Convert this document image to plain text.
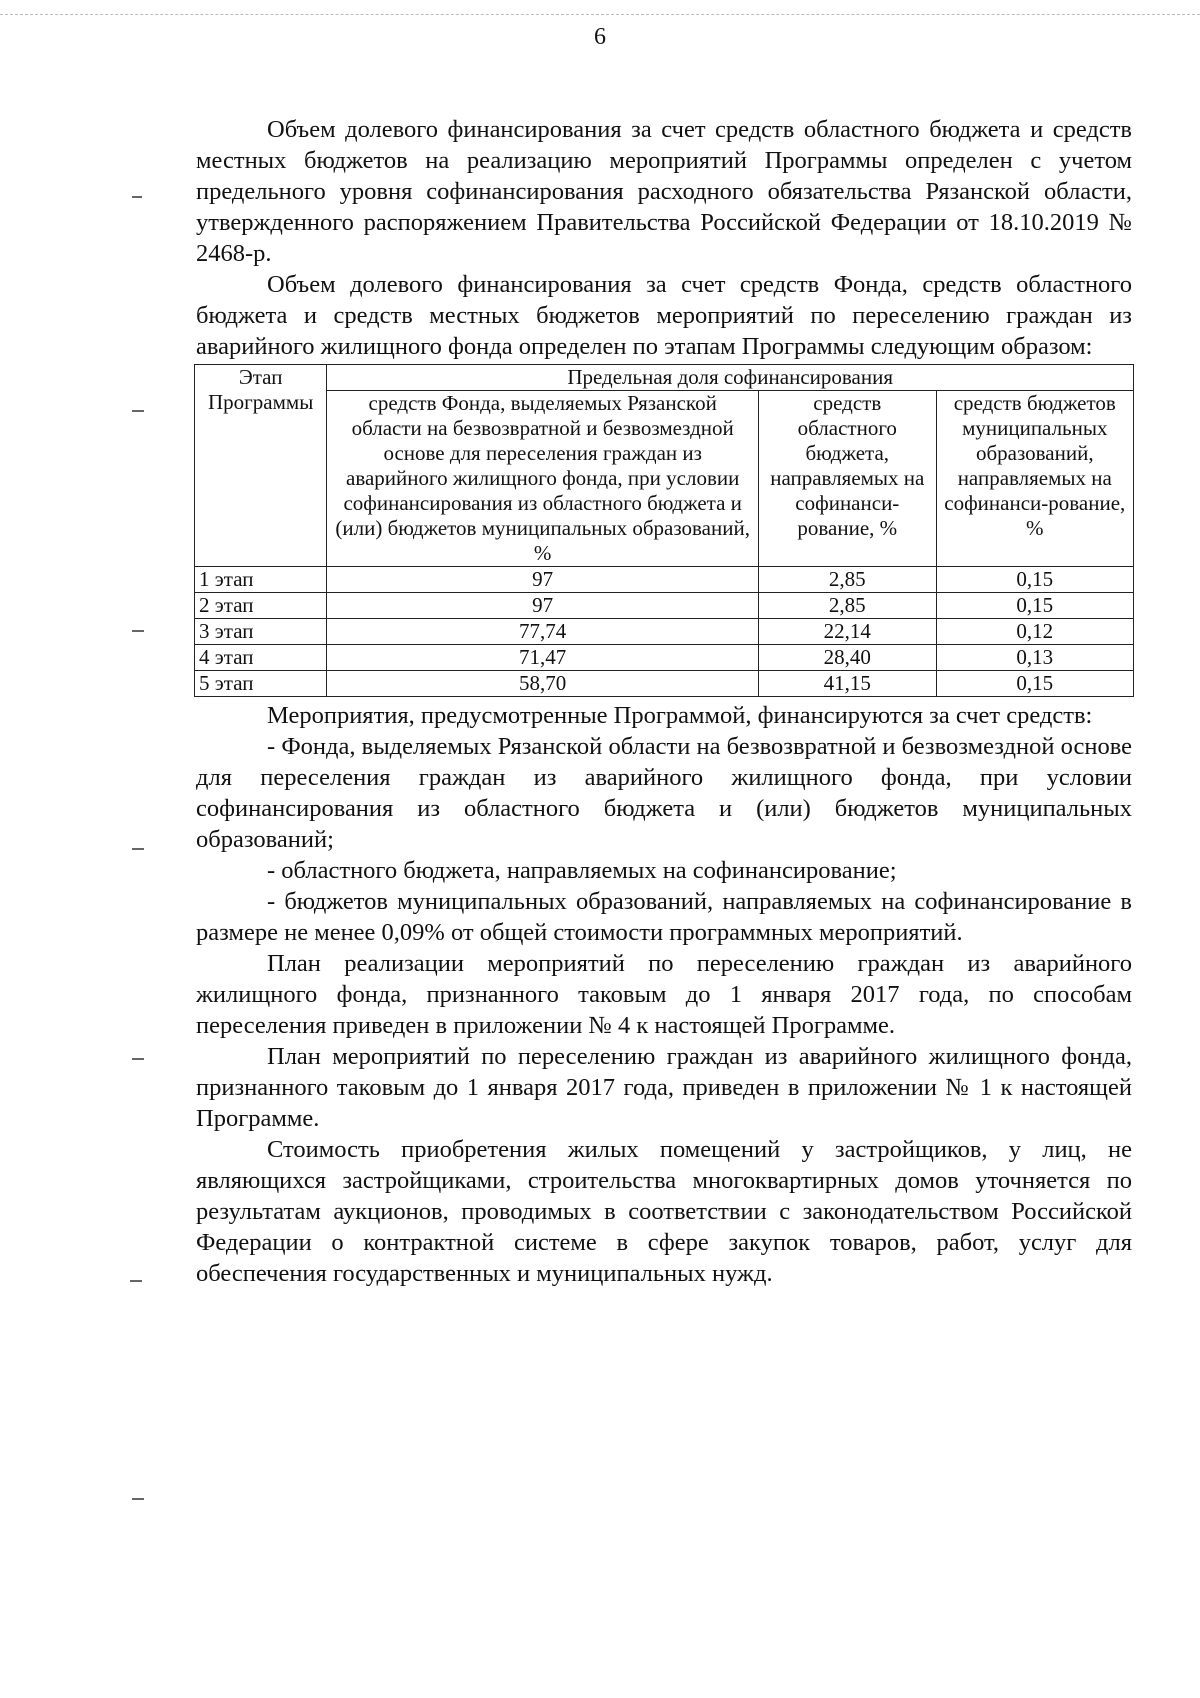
6

Объем долевого финансирования за счет средств областного бюджета и средств местных бюджетов на реализацию мероприятий Программы определен с учетом предельного уровня софинансирования расходного обязательства Рязанской области, утвержденного распоряжением Правительства Российской Федерации от 18.10.2019 № 2468-р.

Объем долевого финансирования за счет средств Фонда, средств областного бюджета и средств местных бюджетов мероприятий по переселению граждан из аварийного жилищного фонда определен по этапам Программы следующим образом:

Этап Программы	Предельная доля софинансирования		
	средств Фонда, выделяемых Рязанской области на безвозвратной и безвозмездной основе для переселения граждан из аварийного жилищного фонда, при условии софинансирования из областного бюджета и (или) бюджетов муниципальных образований, %	средств областного бюджета, направляемых на софинанси-рование, %	средств бюджетов муниципальных образований, направляемых на софинанси-рование, %
1 этап	97	2,85	0,15
2 этап	97	2,85	0,15
3 этап	77,74	22,14	0,12
4 этап	71,47	28,40	0,13
5 этап	58,70	41,15	0,15

Мероприятия, предусмотренные Программой, финансируются за счет средств:

- Фонда, выделяемых Рязанской области на безвозвратной и безвозмездной основе для переселения граждан из аварийного жилищного фонда, при условии софинансирования из областного бюджета и (или) бюджетов муниципальных образований;

- областного бюджета, направляемых на софинансирование;

- бюджетов муниципальных образований, направляемых на софинансирование в размере не менее 0,09% от общей стоимости программных мероприятий.

План реализации мероприятий по переселению граждан из аварийного жилищного фонда, признанного таковым до 1 января 2017 года, по способам переселения приведен в приложении № 4 к настоящей Программе.

План мероприятий по переселению граждан из аварийного жилищного фонда, признанного таковым до 1 января 2017 года, приведен в приложении № 1 к настоящей Программе.

Стоимость приобретения жилых помещений у застройщиков, у лиц, не являющихся застройщиками, строительства многоквартирных домов уточняется по результатам аукционов, проводимых в соответствии с законодательством Российской Федерации о контрактной системе в сфере закупок товаров, работ, услуг для обеспечения государственных и муниципальных нужд.
